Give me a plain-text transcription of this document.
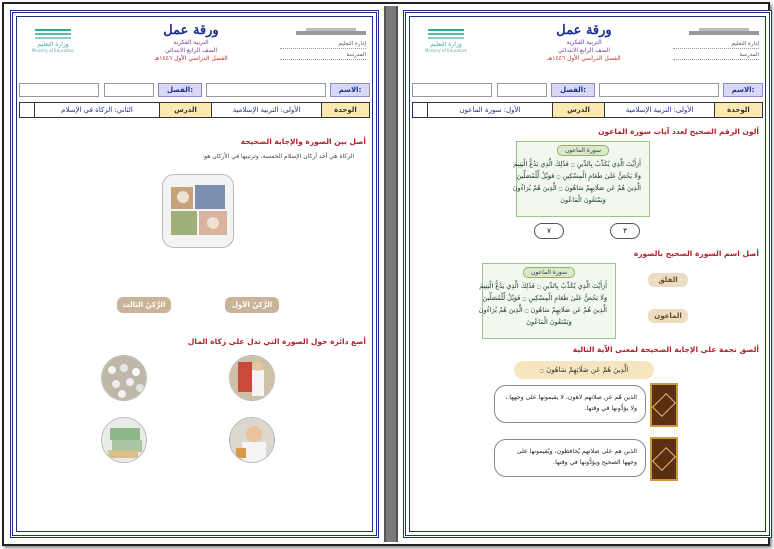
وزارة التعليم
Ministry of Education
ورقة عمل
التربية الفكرية
الصف الرابع الابتدائي
الفصل الدراسي الأول ١٤٤٦هـ
إدارة التعليم
المدرسة
الاسم:
الفصل:
الوحدة
الأولى: التربية الإسلامية
الدرس
الثاني: الزكاة في الإسلام
أصل بين الصورة والإجابة الصحيحة
الزكاة هي أحد أركان الإسلام الخمسة، وترتيبها في الأركان هو:
الرُّكنُ الأول
الرُّكنُ الثالث
أضع دائرة حول الصورة التي تدل على زكاة المال
وزارة التعليم
Ministry of Education
ورقة عمل
التربية الفكرية
الصف الرابع الابتدائي
الفصل الدراسي الأول ١٤٤٦هـ
إدارة التعليم
المدرسة
الاسم:
الفصل:
الوحدة
الأولى: التربية الإسلامية
الدرس
الأول: سورة الماعون
ألون الرقم الصحيح لعدد آيات سورة الماعون
سورة الماعون
أَرَأَيْتَ الَّذِي يُكَذِّبُ بِالدِّينِ ۝ فَذَٰلِكَ الَّذِي يَدُعُّ الْيَتِيمَ
وَلَا يَحُضُّ عَلَىٰ طَعَامِ الْمِسْكِينِ ۝ فَوَيْلٌ لِّلْمُصَلِّينَ
الَّذِينَ هُمْ عَن صَلَاتِهِمْ سَاهُونَ ۝ الَّذِينَ هُمْ يُرَاءُونَ
وَيَمْنَعُونَ الْمَاعُونَ
٧	٣
أصل اسم السورة الصحيح بالصورة
سورة الماعون
أَرَأَيْتَ الَّذِي يُكَذِّبُ بِالدِّينِ ۝ فَذَٰلِكَ الَّذِي يَدُعُّ الْيَتِيمَ
وَلَا يَحُضُّ عَلَىٰ طَعَامِ الْمِسْكِينِ ۝ فَوَيْلٌ لِّلْمُصَلِّينَ
الَّذِينَ هُمْ عَن صَلَاتِهِمْ سَاهُونَ ۝ الَّذِينَ هُمْ يُرَاءُونَ
وَيَمْنَعُونَ الْمَاعُونَ
الفلق
الماعون
ألصق نجمة على الإجابة الصحيحة لمعنى الآية التالية
الَّذِينَ هُمْ عَن صَلَاتِهِمْ سَاهُونَ ۝
الذين هُم عن صلاتهم لاهون، لا يقيمونها على وجهها ، ولا يؤدُّونها في وقتها.
الذين هم على صلاتهم يُحافظون، ويُقيمونها على وجهها الصحيح ويؤدُّونها في وقتها.
